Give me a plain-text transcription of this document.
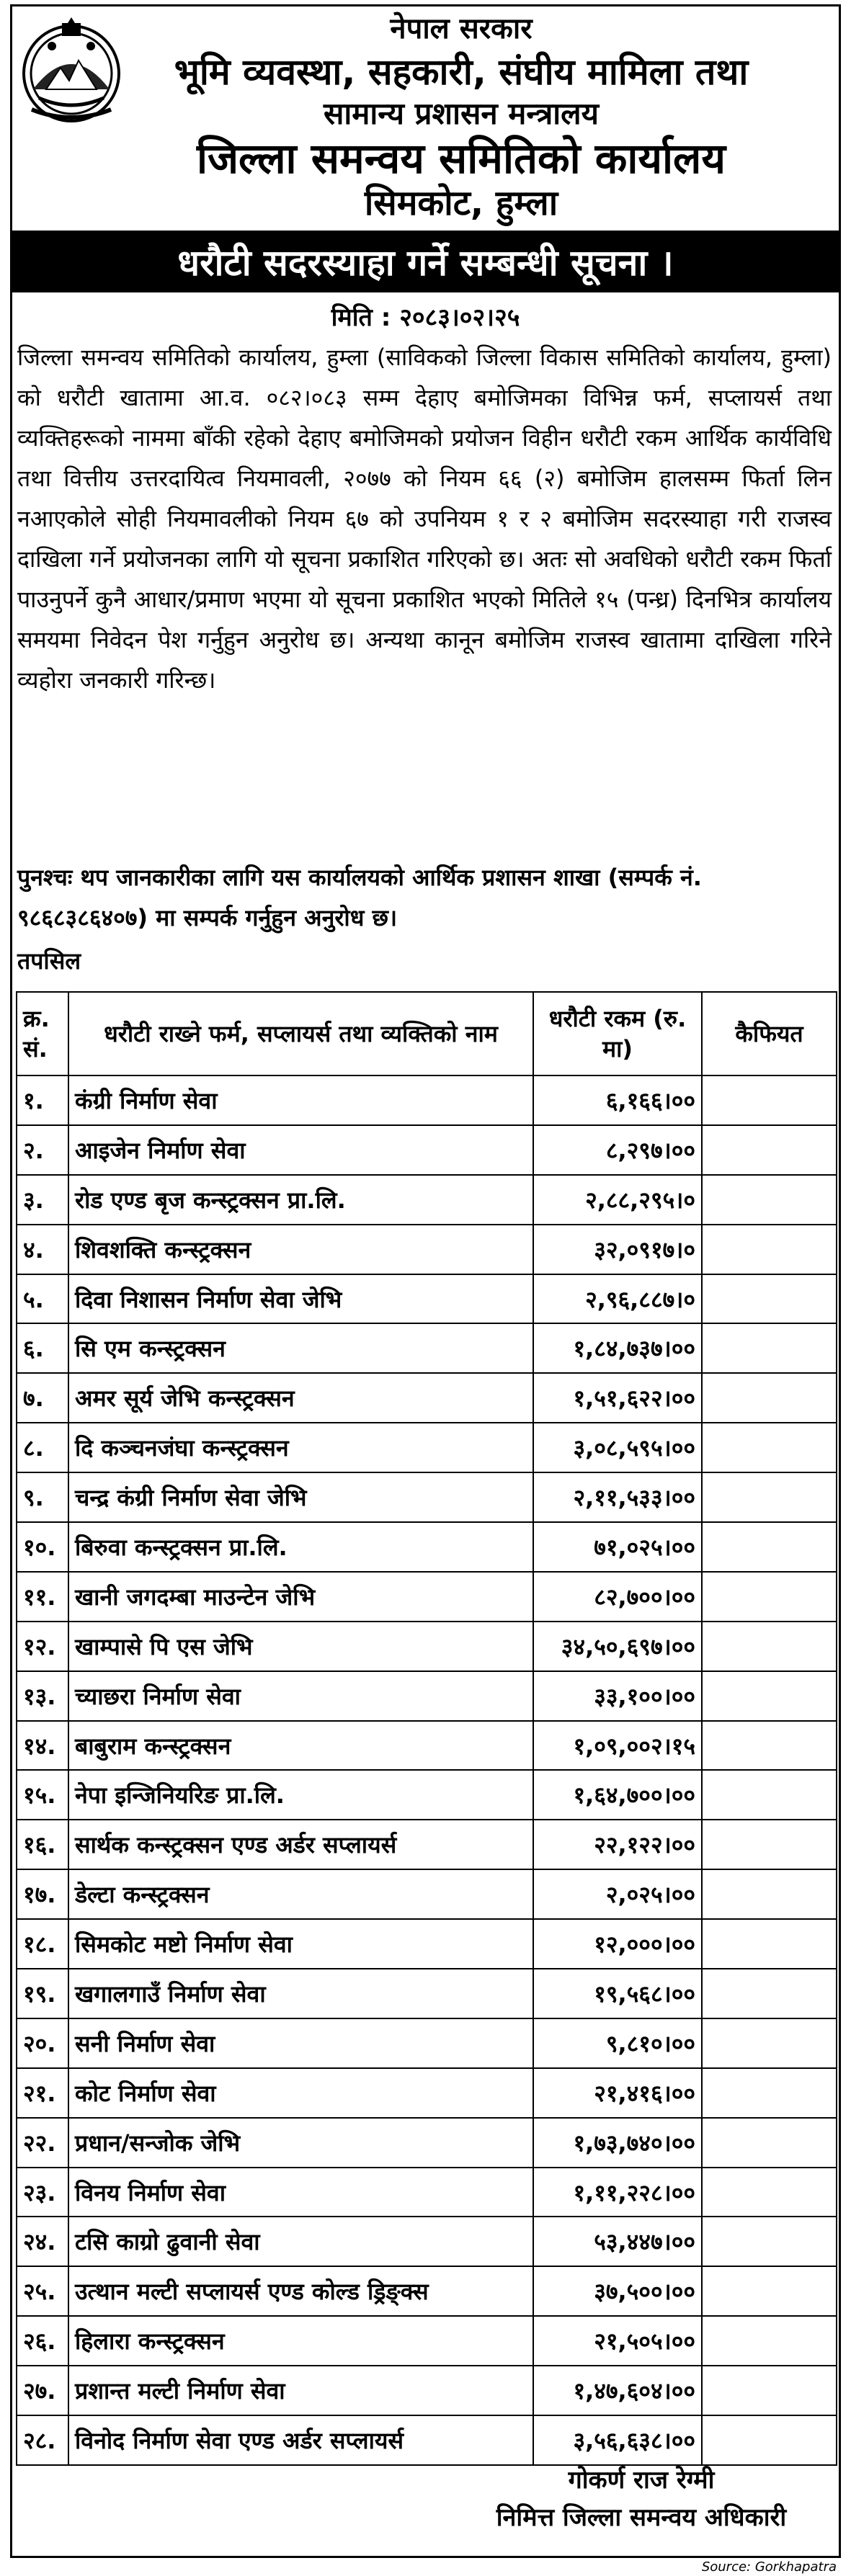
नेपाल सरकार
भूमि व्यवस्था, सहकारी, संघीय मामिला तथा
सामान्य प्रशासन मन्त्रालय
जिल्ला समन्वय समितिको कार्यालय
सिमकोट, हुम्ला
धरौटी सदरस्याहा गर्ने सम्बन्धी सूचना ।
मिति : २०८३।०२।२५
जिल्ला समन्वय समितिको कार्यालय, हुम्ला (साविकको जिल्ला विकास समितिको कार्यालय, हुम्ला) को धरौटी खातामा आ.व. ०८२।०८३ सम्म देहाए बमोजिमका विभिन्न फर्म, सप्लायर्स तथा व्यक्तिहरूको नाममा बाँकी रहेको देहाए बमोजिमको प्रयोजन विहीन धरौटी रकम आर्थिक कार्यविधि तथा वित्तीय उत्तरदायित्व नियमावली, २०७७ को नियम ६६ (२) बमोजिम हालसम्म फिर्ता लिन नआएकोले सोही नियमावलीको नियम ६७ को उपनियम १ र २ बमोजिम सदरस्याहा गरी राजस्व दाखिला गर्ने प्रयोजनका लागि यो सूचना प्रकाशित गरिएको छ। अतः सो अवधिको धरौटी रकम फिर्ता पाउनुपर्ने कुनै आधार/प्रमाण भएमा यो सूचना प्रकाशित भएको मितिले १५ (पन्ध्र) दिनभित्र कार्यालय समयमा निवेदन पेश गर्नुहुन अनुरोध छ। अन्यथा कानून बमोजिम राजस्व खातामा दाखिला गरिने व्यहोरा जनकारी गरिन्छ।
पुनश्चः थप जानकारीका लागि यस कार्यालयको आर्थिक प्रशासन शाखा (सम्पर्क नं. ९८६८३८६४०७) मा सम्पर्क गर्नुहुन अनुरोध छ।
तपसिल
क्र. सं.	धरौटी राख्ने फर्म, सप्लायर्स तथा व्यक्तिको नाम	धरौटी रकम (रु. मा)	कैफियत
१.	कंग्री निर्माण सेवा	६,१६६।००	
२.	आइजेन निर्माण सेवा	८,२९७।००	
३.	रोड एण्ड बृज कन्स्ट्रक्सन प्रा.लि.	२,८८,२९५।०	
४.	शिवशक्ति कन्स्ट्रक्सन	३२,०९१७।०	
५.	दिवा निशासन निर्माण सेवा जेभि	२,९६,८८७।०	
६.	सि एम कन्स्ट्रक्सन	१,८४,७३७।००	
७.	अमर सूर्य जेभि कन्स्ट्रक्सन	१,५१,६२२।००	
८.	दि कञ्चनजंघा कन्स्ट्रक्सन	३,०८,५९५।००	
९.	चन्द्र कंग्री निर्माण सेवा जेभि	२,११,५३३।००	
१०.	बिरुवा कन्स्ट्रक्सन प्रा.लि.	७१,०२५।००	
११.	खानी जगदम्बा माउन्टेन जेभि	८२,७००।००	
१२.	खाम्पासे पि एस जेभि	३४,५०,६९७।००	
१३.	च्याछरा निर्माण सेवा	३३,१००।००	
१४.	बाबुराम कन्स्ट्रक्सन	१,०९,००२।१५	
१५.	नेपा इन्जिनियरिङ प्रा.लि.	१,६४,७००।००	
१६.	सार्थक कन्स्ट्रक्सन एण्ड अर्डर सप्लायर्स	२२,१२२।००	
१७.	डेल्टा कन्स्ट्रक्सन	२,०२५।००	
१८.	सिमकोट मष्टो निर्माण सेवा	१२,०००।००	
१९.	खगालगाउँ निर्माण सेवा	१९,५६८।००	
२०.	सनी निर्माण सेवा	९,८१०।००	
२१.	कोट निर्माण सेवा	२१,४१६।००	
२२.	प्रधान/सन्जोक जेभि	१,७३,७४०।००	
२३.	विनय निर्माण सेवा	१,११,२२८।००	
२४.	टसि काग्रो ढुवानी सेवा	५३,४४७।००	
२५.	उत्थान मल्टी सप्लायर्स एण्ड कोल्ड ड्रिङ्क्स	३७,५००।००	
२६.	हिलारा कन्स्ट्रक्सन	२१,५०५।००	
२७.	प्रशान्त मल्टी निर्माण सेवा	१,४७,६०४।००	
२८.	विनोद निर्माण सेवा एण्ड अर्डर सप्लायर्स	३,५६,६३८।००	
गोकर्ण राज रेग्मी
निमित्त जिल्ला समन्वय अधिकारी
Source: Gorkhapatra
